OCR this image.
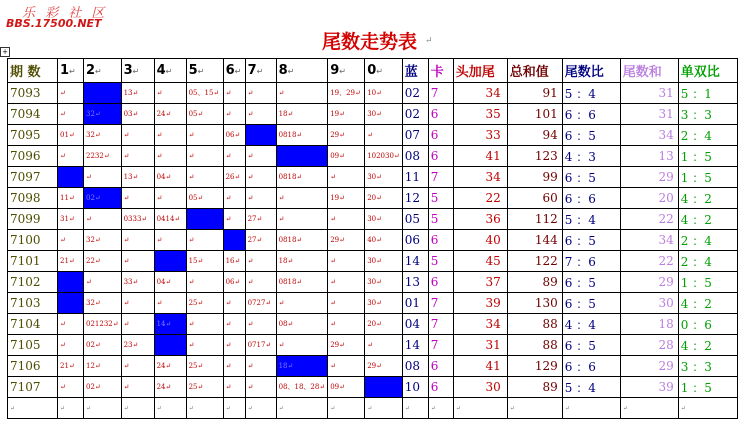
乐 彩 社 区
BBS.17500.NET
+	尾数走势表 ↵
期 数	1↵	2↵	3↵	4↵	5↵	6↵	7↵	8↵	9↵	0↵	蓝	卡	头加尾	总和值	尾数比	尾数和	单双比
7093	↵		13↵	↵	05、15↵	↵	↵	↵	19、29↵	10↵	02	7	34	91	5 ：4	31	5 ：1
7094	↵	32↵	03↵	24↵	05↵	↵	↵	18↵	19↵	30↵	02	6	35	101	6 ：6	31	3 ：3
7095	01↵	32↵	↵	↵	↵	06↵		0818↵	29↵	↵	07	6	33	94	6 ：5	34	2 ：4
7096	↵	2232↵	↵	↵	↵	↵	↵		09↵	102030↵	08	6	41	123	4 ：3	13	1 ：5
7097		↵	13↵	04↵	↵	26↵	↵	0818↵	↵	30↵	11	7	34	99	6 ：5	29	1 ：5
7098	11↵	02↵	↵	↵	05↵	↵	↵	↵	19↵	20↵	12	5	22	60	6 ：6	20	4 ：2
7099	31↵	↵	0333↵	0414↵		↵	27↵	↵	↵	30↵	05	5	36	112	5 ：4	22	4 ：2
7100	↵	32↵	↵	↵	↵		27↵	0818↵	29↵	40↵	06	6	40	144	6 ：5	34	2 ：4
7101	21↵	22↵	↵		15↵	16↵	↵	18↵	↵	30↵	14	5	45	122	7 ：6	22	2 ：4
7102		↵	33↵	04↵	↵	06↵	↵	0818↵	↵	30↵	13	6	37	89	6 ：5	29	1 ：5
7103		32↵	↵	↵	25↵	↵	0727↵	↵	↵	30↵	01	7	39	130	6 ：5	30	4 ：2
7104	↵	021232↵	↵	14↵	↵	↵	↵	08↵	↵	20↵	04	7	34	88	4 ：4	18	0 ：6
7105	↵	02↵	23↵		↵	↵	0717↵	↵	29↵	↵	14	7	31	88	6 ：5	28	4 ：2
7106	21↵	12↵	↵	24↵	25↵	↵	↵	18↵	↵	29↵	08	6	41	129	6 ：6	29	3 ：3
7107	↵	02↵	↵	24↵	25↵	↵	↵	08、18、28↵	09↵		10	6	30	89	5 ：4	39	1 ：5
↵	↵	↵	↵	↵	↵	↵	↵	↵	↵	↵	↵	↵	↵	↵	↵	↵	↵
